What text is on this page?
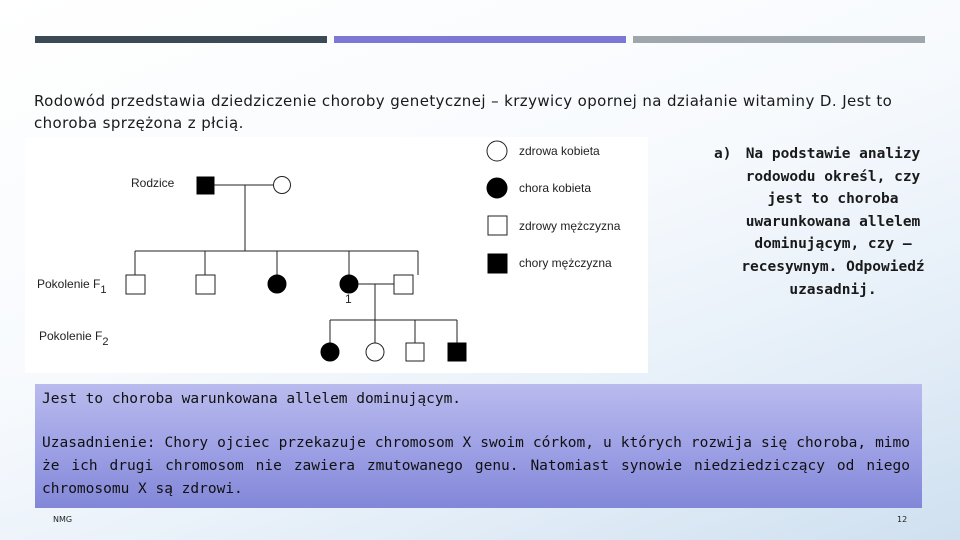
Rodowód przedstawia dziedziczenie choroby genetycznej – krzywicy opornej na działanie witaminy D. Jest to choroba sprzężona z płcią.
Rodzice
Pokolenie F1
Pokolenie F2
1
zdrowa kobieta
chora kobieta
zdrowy mężczyzna
chory mężczyzna
a) Na podstawie analizy rodowodu określ, czy jest to choroba uwarunkowana allelem dominującym, czy – recesywnym. Odpowiedź uzasadnij.
Jest to choroba warunkowana allelem dominującym.
Uzasadnienie: Chory ojciec przekazuje chromosom X swoim córkom, u których rozwija się choroba, mimo że ich drugi chromosom nie zawiera zmutowanego genu. Natomiast synowie niedziedziczący od niego chromosomu X są zdrowi.
NMG	12
